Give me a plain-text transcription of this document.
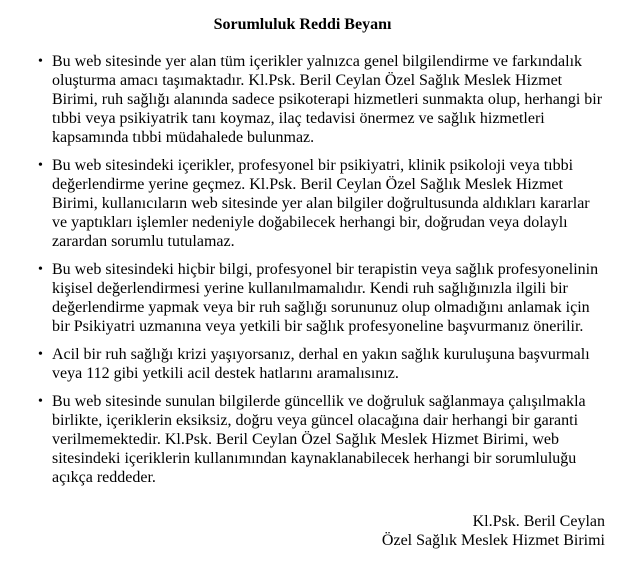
Sorumluluk Reddi Beyanı
• Bu web sitesinde yer alan tüm içerikler yalnızca genel bilgilendirme ve farkındalık oluşturma amacı taşımaktadır. Kl.Psk. Beril Ceylan Özel Sağlık Meslek Hizmet Birimi, ruh sağlığı alanında sadece psikoterapi hizmetleri sunmakta olup, herhangi bir tıbbi veya psikiyatrik tanı koymaz, ilaç tedavisi önermez ve sağlık hizmetleri kapsamında tıbbi müdahalede bulunmaz.
• Bu web sitesindeki içerikler, profesyonel bir psikiyatri, klinik psikoloji veya tıbbi değerlendirme yerine geçmez. Kl.Psk. Beril Ceylan Özel Sağlık Meslek Hizmet Birimi, kullanıcıların web sitesinde yer alan bilgiler doğrultusunda aldıkları kararlar ve yaptıkları işlemler nedeniyle doğabilecek herhangi bir, doğrudan veya dolaylı zarardan sorumlu tutulamaz.
• Bu web sitesindeki hiçbir bilgi, profesyonel bir terapistin veya sağlık profesyonelinin kişisel değerlendirmesi yerine kullanılmamalıdır. Kendi ruh sağlığınızla ilgili bir değerlendirme yapmak veya bir ruh sağlığı sorununuz olup olmadığını anlamak için bir Psikiyatri uzmanına veya yetkili bir sağlık profesyoneline başvurmanız önerilir.
• Acil bir ruh sağlığı krizi yaşıyorsanız, derhal en yakın sağlık kuruluşuna başvurmalı veya 112 gibi yetkili acil destek hatlarını aramalısınız.
• Bu web sitesinde sunulan bilgilerde güncellik ve doğruluk sağlanmaya çalışılmakla birlikte, içeriklerin eksiksiz, doğru veya güncel olacağına dair herhangi bir garanti verilmemektedir. Kl.Psk. Beril Ceylan Özel Sağlık Meslek Hizmet Birimi, web sitesindeki içeriklerin kullanımından kaynaklanabilecek herhangi bir sorumluluğu açıkça reddeder.
Kl.Psk. Beril Ceylan
Özel Sağlık Meslek Hizmet Birimi
